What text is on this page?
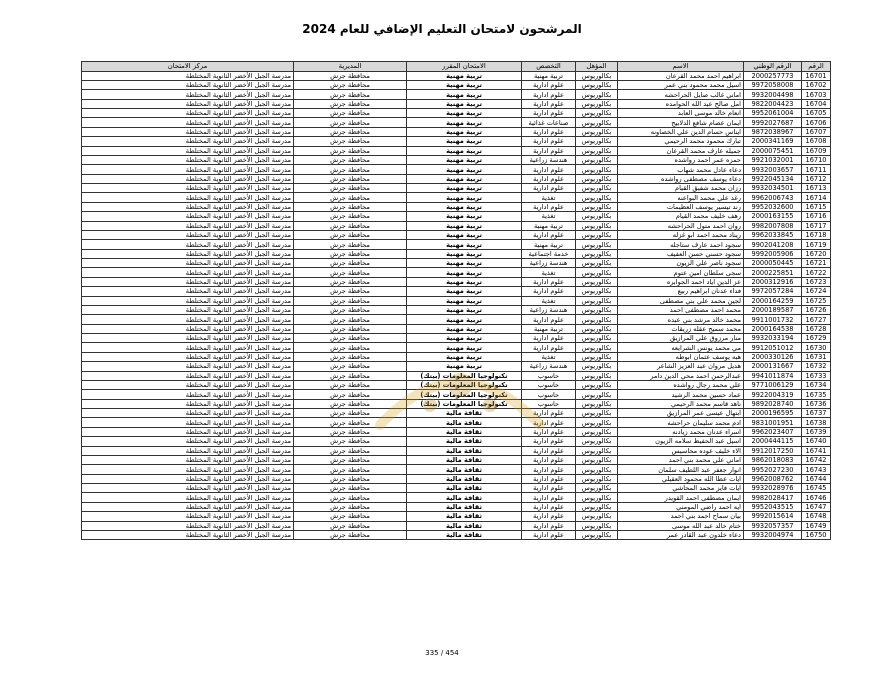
المرشحون لامتحان التعليم الإضافي للعام 2024
الرقم	الرقم الوطني	الاسم	المؤهل	التخصص	الامتحان المقرر	المديرية	مركز الامتحان
16701	2000257773	ابراهيم احمد محمد القرعان	بكالوريوس	تربية مهنية	تربية مهنية	محافظة جرش	مدرسة الجبل الأخضر الثانوية المختلطة
16702	9972058008	اسيل محمد محمود بني عمر	بكالوريوس	علوم ادارية	تربية مهنية	محافظة جرش	مدرسة الجبل الأخضر الثانوية المختلطة
16703	9932004498	اماني غالب صايل الحراحشه	بكالوريوس	علوم ادارية	تربية مهنية	محافظة جرش	مدرسة الجبل الأخضر الثانوية المختلطة
16704	9822004423	امل صالح عبد الله الحوامده	بكالوريوس	علوم ادارية	تربية مهنية	محافظة جرش	مدرسة الجبل الأخضر الثانوية المختلطة
16705	9952061004	انعام خالد موسى العابد	بكالوريوس	علوم ادارية	تربية مهنية	محافظة جرش	مدرسة الجبل الأخضر الثانوية المختلطة
16706	9992027687	ايمان عصام شافع الدلابيح	بكالوريوس	صناعات غذائية	تربية مهنية	محافظة جرش	مدرسة الجبل الأخضر الثانوية المختلطة
16707	9872038967	ايناس حسام الدين علي الخصاونه	بكالوريوس	علوم ادارية	تربية مهنية	محافظة جرش	مدرسة الجبل الأخضر الثانوية المختلطة
16708	2000341169	تبارك محمود محمد الرحيمي	بكالوريوس	علوم ادارية	تربية مهنية	محافظة جرش	مدرسة الجبل الأخضر الثانوية المختلطة
16709	2000075451	جميله عارف محمد القرعان	بكالوريوس	علوم ادارية	تربية مهنية	محافظة جرش	مدرسة الجبل الأخضر الثانوية المختلطة
16710	9921032001	حمزه عمر احمد رواشده	بكالوريوس	هندسة زراعية	تربية مهنية	محافظة جرش	مدرسة الجبل الأخضر الثانوية المختلطة
16711	9932003657	دعاء عادل محمد شهاب	بكالوريوس	علوم ادارية	تربية مهنية	محافظة جرش	مدرسة الجبل الأخضر الثانوية المختلطة
16712	9922045134	دعاء يوسف مصطفى رواشده	بكالوريوس	علوم ادارية	تربية مهنية	محافظة جرش	مدرسة الجبل الأخضر الثانوية المختلطة
16713	9932034501	رزان محمد شفيق القيام	بكالوريوس	علوم ادارية	تربية مهنية	محافظة جرش	مدرسة الجبل الأخضر الثانوية المختلطة
16714	9962006743	رغد علي محمد البواعنه	بكالوريوس	تغذية	تربية مهنية	محافظة جرش	مدرسة الجبل الأخضر الثانوية المختلطة
16715	9952032600	رند تيسير يوسف العظيمات	بكالوريوس	علوم ادارية	تربية مهنية	محافظة جرش	مدرسة الجبل الأخضر الثانوية المختلطة
16716	2000163155	رهف خليف محمد القيام	بكالوريوس	تغذية	تربية مهنية	محافظة جرش	مدرسة الجبل الأخضر الثانوية المختلطة
16717	9982007808	روان احمد متول الحراحشه	بكالوريوس	تربية مهنية	تربية مهنية	محافظة جرش	مدرسة الجبل الأخضر الثانوية المختلطة
16718	9962033845	ريناد محمد احمد ابو غزله	بكالوريوس	علوم ادارية	تربية مهنية	محافظة جرش	مدرسة الجبل الأخضر الثانوية المختلطة
16719	9902041208	سجود احمد عارف ستاجله	بكالوريوس	تربية مهنية	تربية مهنية	محافظة جرش	مدرسة الجبل الأخضر الثانوية المختلطة
16720	9992005906	سجود حسني حسن العفيف	بكالوريوس	خدمة اجتماعية	تربية مهنية	محافظة جرش	مدرسة الجبل الأخضر الثانوية المختلطة
16721	2000050445	سجود ناصر علي الزيون	بكالوريوس	هندسة زراعية	تربية مهنية	محافظة جرش	مدرسة الجبل الأخضر الثانوية المختلطة
16722	2000225851	سجى سلطان امين عتوم	بكالوريوس	تغذية	تربية مهنية	محافظة جرش	مدرسة الجبل الأخضر الثانوية المختلطة
16723	2000312916	عز الدين اياد احمد الجوابره	بكالوريوس	علوم ادارية	تربية مهنية	محافظة جرش	مدرسة الجبل الأخضر الثانوية المختلطة
16724	9972057284	فداء عدنان ابراهيم ربيع	بكالوريوس	علوم ادارية	تربية مهنية	محافظة جرش	مدرسة الجبل الأخضر الثانوية المختلطة
16725	2000164259	لجين محمد علي بني مصطفى	بكالوريوس	تغذية	تربية مهنية	محافظة جرش	مدرسة الجبل الأخضر الثانوية المختلطة
16726	2000189587	محمد احمد مصطفى احمد	بكالوريوس	هندسة زراعية	تربية مهنية	محافظة جرش	مدرسة الجبل الأخضر الثانوية المختلطة
16727	9911001732	محمد خالد مرشد بني عبده	بكالوريوس	علوم ادارية	تربية مهنية	محافظة جرش	مدرسة الجبل الأخضر الثانوية المختلطة
16728	2000164538	محمد سميح عقله زريقات	بكالوريوس	تربية مهنية	تربية مهنية	محافظة جرش	مدرسة الجبل الأخضر الثانوية المختلطة
16729	9932033194	منار مرزوق علي المرازيق	بكالوريوس	علوم ادارية	تربية مهنية	محافظة جرش	مدرسة الجبل الأخضر الثانوية المختلطة
16730	9912051012	مي محمد يونس الشرايعه	بكالوريوس	علوم ادارية	تربية مهنية	محافظة جرش	مدرسة الجبل الأخضر الثانوية المختلطة
16731	2000330126	هبه يوسف عثمان ابوطه	بكالوريوس	تغذية	تربية مهنية	محافظة جرش	مدرسة الجبل الأخضر الثانوية المختلطة
16732	2000131667	هديل مروان عبد العزيز الشاعر	بكالوريوس	هندسة زراعية	تربية مهنية	محافظة جرش	مدرسة الجبل الأخضر الثانوية المختلطة
16733	9941011874	عبدالرحمن احمد محي الدين دامر	بكالوريوس	حاسوب	تكنولوجيا المعلومات (بيتك)	محافظة جرش	مدرسة الجبل الأخضر الثانوية المختلطة
16734	9771006129	علي محمد رجال رواشده	بكالوريوس	حاسوب	تكنولوجيا المعلومات (بيتك)	محافظة جرش	مدرسة الجبل الأخضر الثانوية المختلطة
16735	9922004319	عماد حسين محمد الرشيد	بكالوريوس	حاسوب	تكنولوجيا المعلومات (بيتك)	محافظة جرش	مدرسة الجبل الأخضر الثانوية المختلطة
16736	9892028740	ناهد قاسم محمد الرحيمي	بكالوريوس	حاسوب	تكنولوجيا المعلومات (بيتك)	محافظة جرش	مدرسة الجبل الأخضر الثانوية المختلطة
16737	2000196595	ابتهال عيسى عمر المرازيق	بكالوريوس	علوم ادارية	ثقافة مالية	محافظة جرش	مدرسة الجبل الأخضر الثانوية المختلطة
16738	9831001951	ادم محمد سليمان حراحشه	بكالوريوس	علوم ادارية	ثقافة مالية	محافظة جرش	مدرسة الجبل الأخضر الثانوية المختلطة
16739	9962023407	اسراء عدنان محمد زيادنه	بكالوريوس	علوم ادارية	ثقافة مالية	محافظة جرش	مدرسة الجبل الأخضر الثانوية المختلطة
16740	2000444115	اسيل عبد الحفيظ سلامه الزيون	بكالوريوس	علوم ادارية	ثقافة مالية	محافظة جرش	مدرسة الجبل الأخضر الثانوية المختلطة
16741	9912017250	الاء خليف عوده محاسيس	بكالوريوس	علوم ادارية	ثقافة مالية	محافظة جرش	مدرسة الجبل الأخضر الثانوية المختلطة
16742	9862018083	اماني علي محمد بني احمد	بكالوريوس	علوم ادارية	ثقافة مالية	محافظة جرش	مدرسة الجبل الأخضر الثانوية المختلطة
16743	9952027230	انوار جعفر عبد اللطيف سلمان	بكالوريوس	علوم ادارية	ثقافة مالية	محافظة جرش	مدرسة الجبل الأخضر الثانوية المختلطة
16744	9962008762	ايات عطا الله محمود العقيلي	بكالوريوس	علوم ادارية	ثقافة مالية	محافظة جرش	مدرسة الجبل الأخضر الثانوية المختلطة
16745	9932028976	ايات فايز محمد المحاشي	بكالوريوس	علوم ادارية	ثقافة مالية	محافظة جرش	مدرسة الجبل الأخضر الثانوية المختلطة
16746	9982028417	ايمان مصطفى احمد القويدر	بكالوريوس	علوم ادارية	ثقافة مالية	محافظة جرش	مدرسة الجبل الأخضر الثانوية المختلطة
16747	9952043515	ايه احمد راضي المومني	بكالوريوس	علوم ادارية	ثقافة مالية	محافظة جرش	مدرسة الجبل الأخضر الثانوية المختلطة
16748	9992015614	بيان سماح احمد بني احمد	بكالوريوس	علوم ادارية	ثقافة مالية	محافظة جرش	مدرسة الجبل الأخضر الثانوية المختلطة
16749	9932057357	ختام خالد عبد الله موسى	بكالوريوس	علوم ادارية	ثقافة مالية	محافظة جرش	مدرسة الجبل الأخضر الثانوية المختلطة
16750	9932004974	دعاء خلدون عبد القادر عمر	بكالوريوس	علوم ادارية	ثقافة مالية	محافظة جرش	مدرسة الجبل الأخضر الثانوية المختلطة
335 / 454
